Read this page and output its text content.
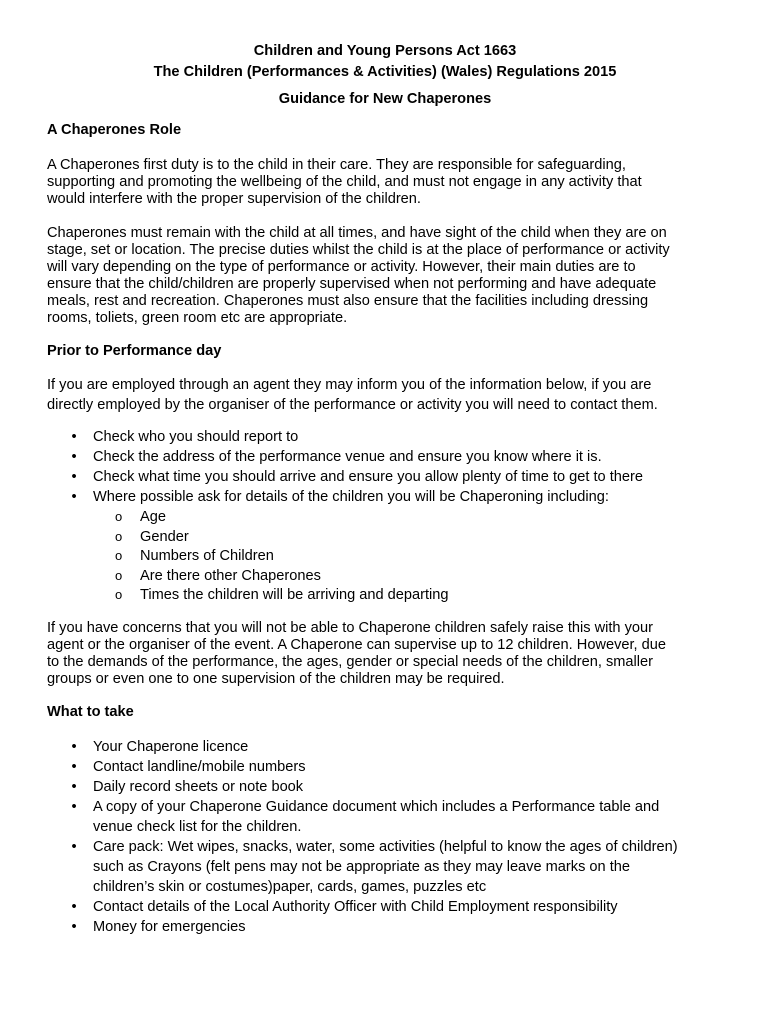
Children and Young Persons Act 1663
The Children (Performances & Activities) (Wales) Regulations 2015
Guidance for New Chaperones
A Chaperones Role
A Chaperones first duty is to the child in their care. They are responsible for safeguarding,
supporting and promoting the wellbeing of the child, and must not engage in any activity that
would interfere with the proper supervision of the children.
Chaperones must remain with the child at all times, and have sight of the child when they are on
stage, set or location. The precise duties whilst the child is at the place of performance or activity
will vary depending on the type of performance or activity. However, their main duties are to
ensure that the child/children are properly supervised when not performing and have adequate
meals, rest and recreation. Chaperones must also ensure that the facilities including dressing
rooms, toliets, green room etc are appropriate.
Prior to Performance day
If you are employed through an agent they may inform you of the information below, if you are
directly employed by the organiser of the performance or activity you will need to contact them.
•	Check who you should report to
•	Check the address of the performance venue and ensure you know where it is.
•	Check what time you should arrive and ensure you allow plenty of time to get to there
•	Where possible ask for details of the children you will be Chaperoning including:
o Age
o Gender
o Numbers of Children
o Are there other Chaperones
o Times the children will be arriving and departing
If you have concerns that you will not be able to Chaperone children safely raise this with your
agent or the organiser of the event. A Chaperone can supervise up to 12 children. However, due
to the demands of the performance, the ages, gender or special needs of the children, smaller
groups or even one to one supervision of the children may be required.
What to take
•	Your Chaperone licence
•	Contact landline/mobile numbers
•	Daily record sheets or note book
•	A copy of your Chaperone Guidance document which includes a Performance table and
venue check list for the children.
•	Care pack: Wet wipes, snacks, water, some activities (helpful to know the ages of children)
such as Crayons (felt pens may not be appropriate as they may leave marks on the
children’s skin or costumes)paper, cards, games, puzzles etc
•	Contact details of the Local Authority Officer with Child Employment responsibility
•	Money for emergencies
